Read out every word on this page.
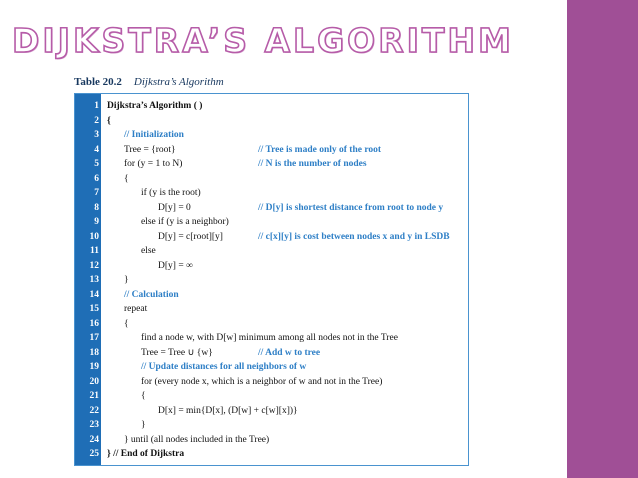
DIJKSTRA’S ALGORITHM
Table 20.2 Dijkstra’s Algorithm
1 Dijkstra’s Algorithm ( )
2 {
3	// Initialization
4	Tree = {root}	// Tree is made only of the root
5	for (y = 1 to N)	// N is the number of nodes
6	{
7	if (y is the root)
8	D[y] = 0	// D[y] is shortest distance from root to node y
9	else if (y is a neighbor)
10	D[y] = c[root][y]	// c[x][y] is cost between nodes x and y in LSDB
11	else
12	D[y] = ∞
13	}
14	// Calculation
15	repeat
16	{
17	find a node w, with D[w] minimum among all nodes not in the Tree
18	Tree = Tree ∪ {w}	// Add w to tree
19	// Update distances for all neighbors of w
20	for (every node x, which is a neighbor of w and not in the Tree)
21	{
22	D[x] = min{D[x], (D[w] + c[w][x])}
23	}
24	} until (all nodes included in the Tree)
25 } // End of Dijkstra
